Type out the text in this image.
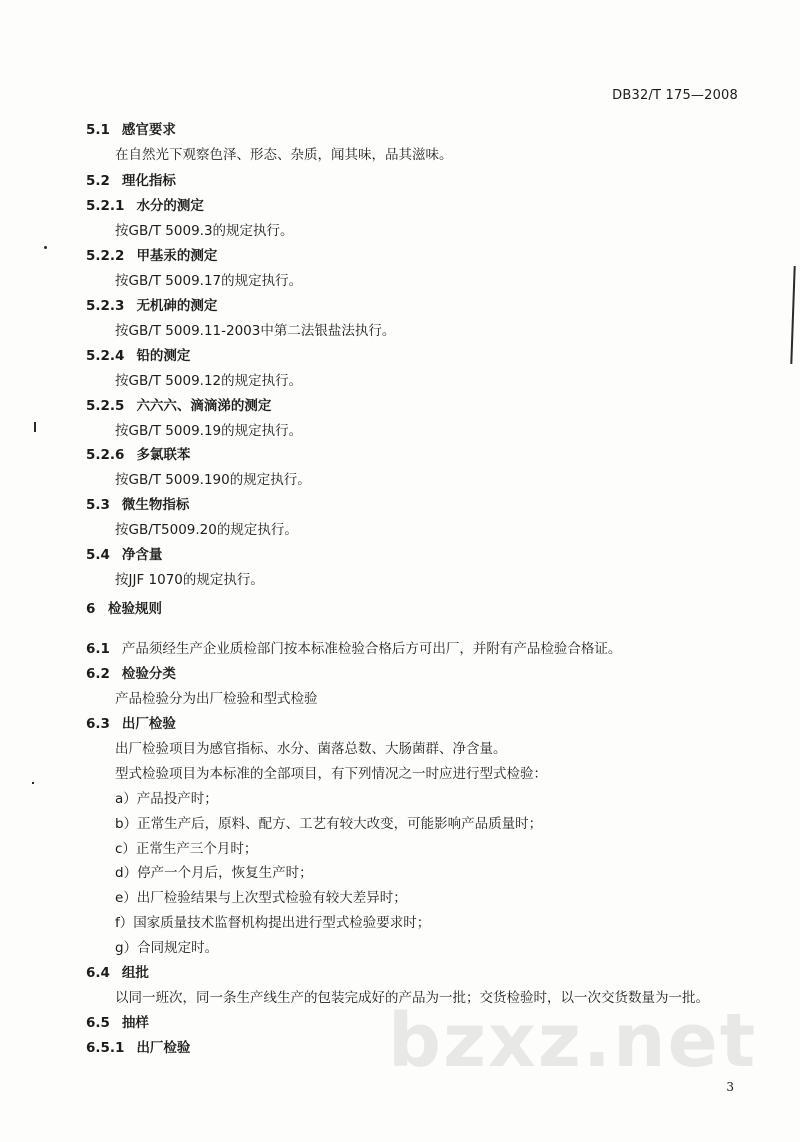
DB32/T 175—2008
5.1 感官要求
在自然光下观察色泽、形态、杂质，闻其味，品其滋味。
5.2 理化指标
5.2.1 水分的测定
按GB/T 5009.3的规定执行。
5.2.2 甲基汞的测定
按GB/T 5009.17的规定执行。
5.2.3 无机砷的测定
按GB/T 5009.11-2003中第二法银盐法执行。
5.2.4 铅的测定
按GB/T 5009.12的规定执行。
5.2.5 六六六、滴滴涕的测定
按GB/T 5009.19的规定执行。
5.2.6 多氯联苯
按GB/T 5009.190的规定执行。
5.3 微生物指标
按GB/T5009.20的规定执行。
5.4 净含量
按JJF 1070的规定执行。
6 检验规则
6.1 产品须经生产企业质检部门按本标准检验合格后方可出厂，并附有产品检验合格证。
6.2 检验分类
产品检验分为出厂检验和型式检验
6.3 出厂检验
出厂检验项目为感官指标、水分、菌落总数、大肠菌群、净含量。
型式检验项目为本标准的全部项目，有下列情况之一时应进行型式检验：
a）产品投产时；
b）正常生产后，原料、配方、工艺有较大改变，可能影响产品质量时；
c）正常生产三个月时；
d）停产一个月后，恢复生产时；
e）出厂检验结果与上次型式检验有较大差异时；
f）国家质量技术监督机构提出进行型式检验要求时；
g）合同规定时。
6.4 组批
以同一班次，同一条生产线生产的包装完成好的产品为一批；交货检验时，以一次交货数量为一批。
6.5 抽样
6.5.1 出厂检验	bzxz.net
3
